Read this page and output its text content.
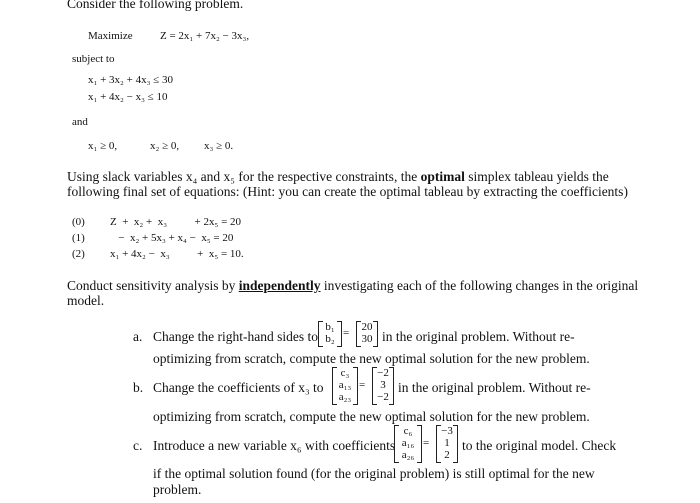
Consider the following problem.
Maximize Z = 2x₁ + 7x₂ − 3x₃,
subject to
x₁ + 3x₂ + 4x₃ ≤ 30
x₁ + 4x₂ − x₃ ≤ 10
and
x₁ ≥ 0,	x₂ ≥ 0, x₃ ≥ 0.
Using slack variables x₄ and x₅ for the respective constraints, the optimal simplex tableau yields the
following final set of equations: (Hint: you can create the optimal tableau by extracting the coefficients)
(0) Z  +  x₂ +  x₃          + 2x₅ = 20
(1) −  x₂ + 5x₃ + x₄ −  x₅ = 20
(2) x₁ + 4x₂ −  x₃          +  x₅ = 10.
Conduct sensitivity analysis by independently investigating each of the following changes in the original
model.
a. Change the right-hand sides to
b₁
b₂ = 20
30 in the original problem. Without re-
optimizing from scratch, compute the new optimal solution for the new problem.
b. Change the coefficients of x₃ to
c₃
a₁₃
a₂₃
=
−2
3
−2
in the original problem. Without re-
optimizing from scratch, compute the new optimal solution for the new problem.
c. Introduce a new variable x₆ with coefficients
c₆
a₁₆
a₂₆
=
−3
1
2
to the original model. Check
if the optimal solution found (for the original problem) is still optimal for the new
problem.
